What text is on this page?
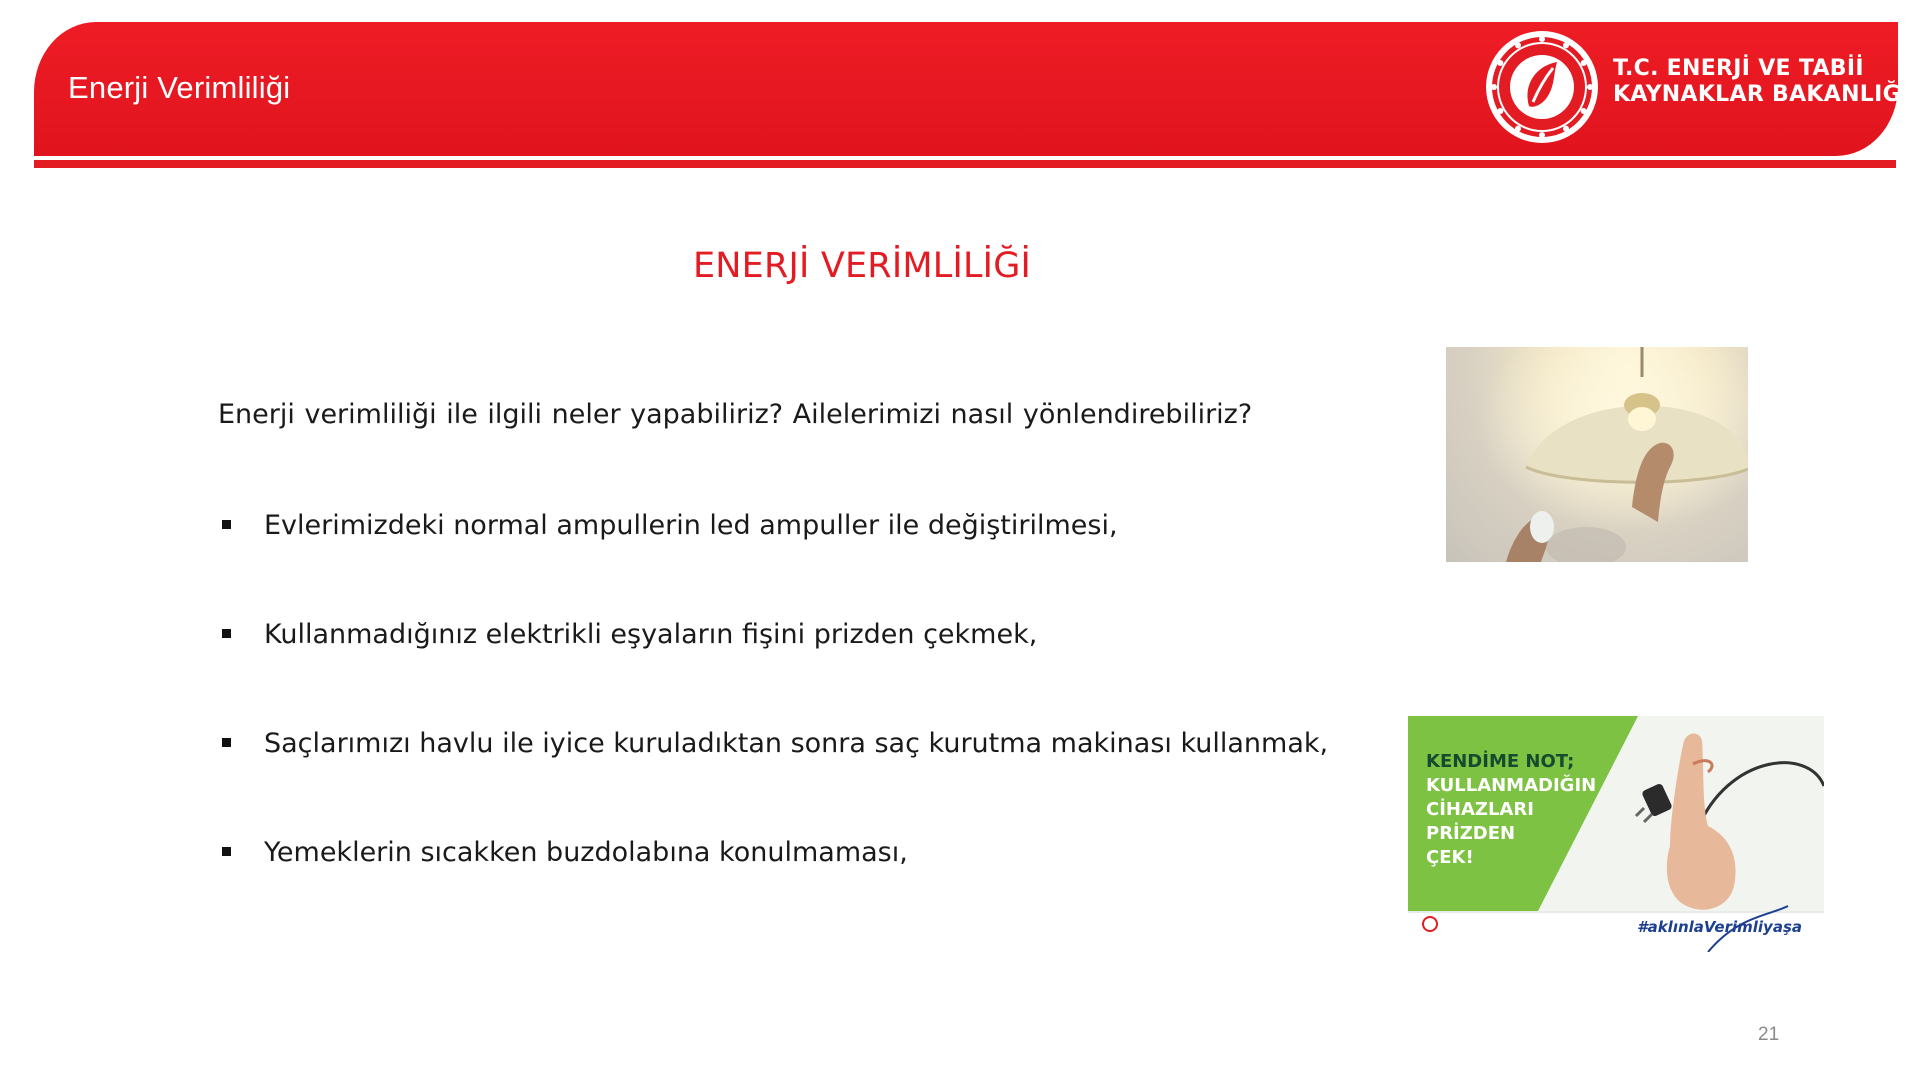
Enerji Verimliliği
T.C. ENERJİ VE TABİİ
KAYNAKLAR BAKANLIĞI
ENERJİ VERİMLİLİĞİ
Enerji verimliliği ile ilgili neler yapabiliriz? Ailelerimizi nasıl yönlendirebiliriz?
Evlerimizdeki normal ampullerin led ampuller ile değiştirilmesi,
Kullanmadığınız elektrikli eşyaların fişini prizden çekmek,
Saçlarımızı havlu ile iyice kuruladıktan sonra saç kurutma makinası kullanmak,
Yemeklerin sıcakken buzdolabına konulmaması,
KENDİME NOT;
KULLANMADIĞIN
CİHAZLARI
PRİZDEN
ÇEK!
#aklınlaVerimliyaşa
21
